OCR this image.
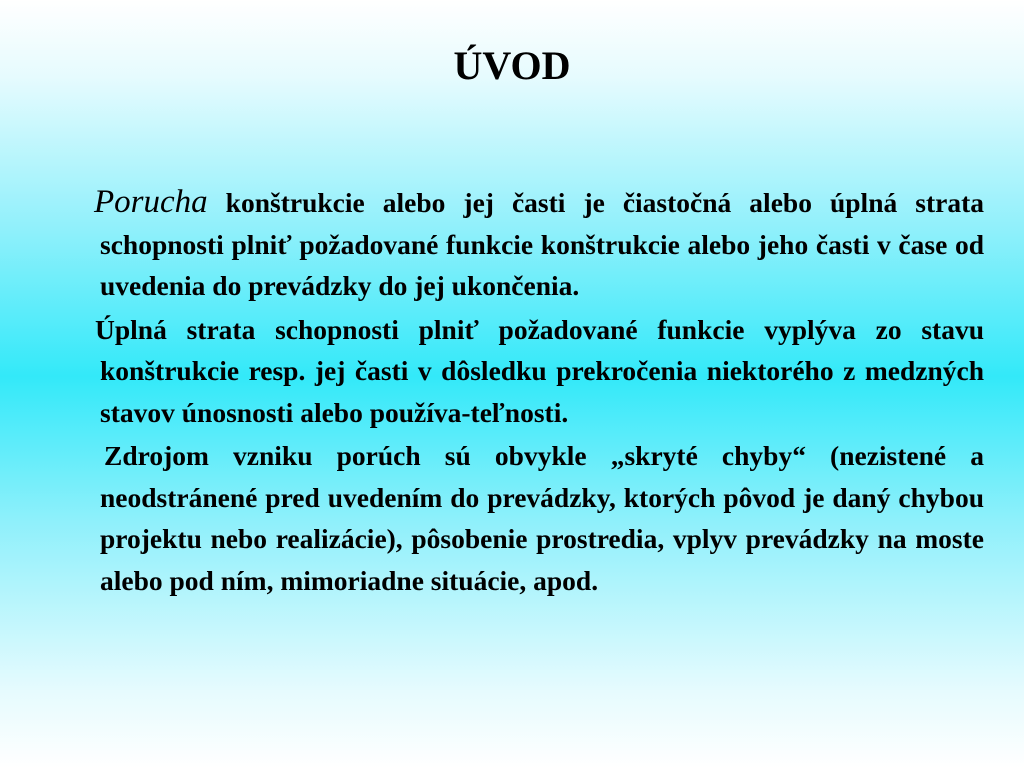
ÚVOD

Porucha konštrukcie alebo jej časti je čiastočná alebo úplná strata schopnosti plniť požadované funkcie konštrukcie alebo jeho časti v čase od uvedenia do prevádzky do jej ukončenia.

Úplná strata schopnosti plniť požadované funkcie vyplýva zo stavu konštrukcie resp. jej časti v dôsledku prekročenia niektorého z medzných stavov únosnosti alebo používa-teľnosti.

Zdrojom vzniku porúch sú obvykle „skryté chyby“ (nezistené a neodstránené pred uvedením do prevádzky, ktorých pôvod je daný chybou projektu nebo realizácie), pôsobenie prostredia, vplyv prevádzky na moste alebo pod ním, mimoriadne situácie, apod.
